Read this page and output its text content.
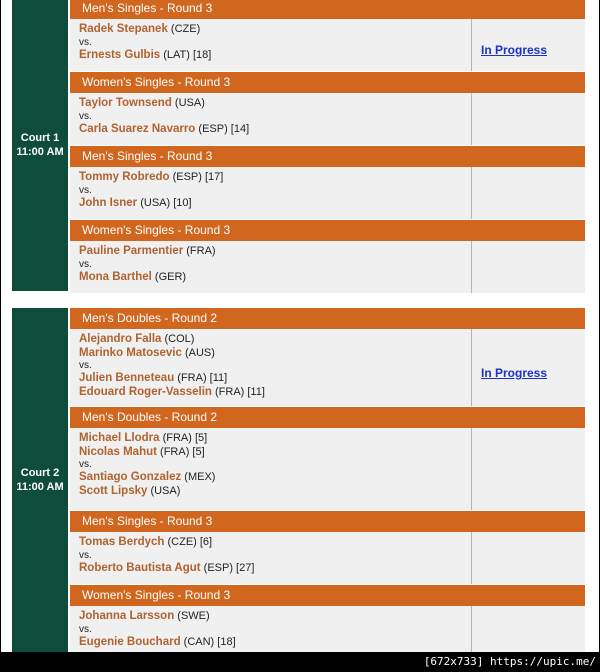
Court 1
11:00 AM
Men's Singles - Round 3
Radek Stepanek (CZE)
vs.
Ernests Gulbis (LAT) [18]	In Progress
Women's Singles - Round 3
Taylor Townsend (USA)
vs.
Carla Suarez Navarro (ESP) [14]
Men's Singles - Round 3
Tommy Robredo (ESP) [17]
vs.
John Isner (USA) [10]
Women's Singles - Round 3
Pauline Parmentier (FRA)
vs.
Mona Barthel (GER)
Court 2
11:00 AM
Men's Doubles - Round 2
Alejandro Falla (COL)
Marinko Matosevic (AUS)
vs.
Julien Benneteau (FRA) [11]
Edouard Roger-Vasselin (FRA) [11]
In Progress
Men's Doubles - Round 2
Michael Llodra (FRA) [5]
Nicolas Mahut (FRA) [5]
vs.
Santiago Gonzalez (MEX)
Scott Lipsky (USA)
Men's Singles - Round 3
Tomas Berdych (CZE) [6]
vs.
Roberto Bautista Agut (ESP) [27]
Women's Singles - Round 3
Johanna Larsson (SWE)
vs.
Eugenie Bouchard (CAN) [18]
[672x733] https://upic.me/
